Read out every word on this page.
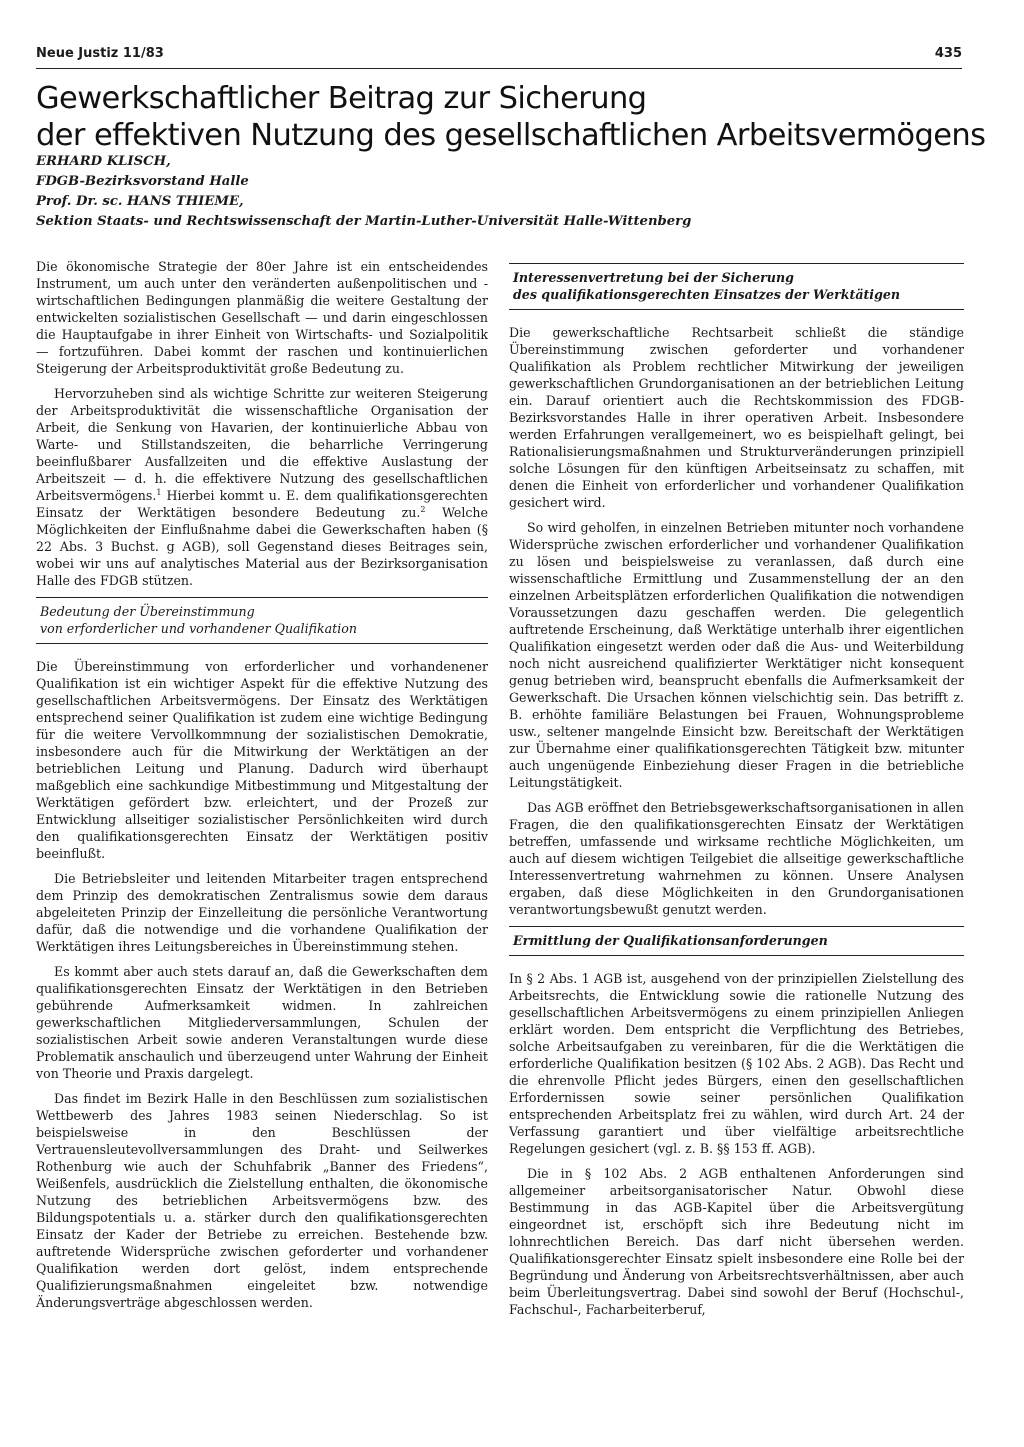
Neue Justiz 11/83	435
Gewerkschaftlicher Beitrag zur Sicherung
der effektiven Nutzung des gesellschaftlichen Arbeitsvermögens
ERHARD KLISCH,
FDGB-Bezirksvorstand Halle
Prof. Dr. sc. HANS THIEME,
Sektion Staats- und Rechtswissenschaft der Martin-Luther-Universität Halle-Wittenberg

Die ökonomische Strategie der 80er Jahre ist ein entscheidendes Instrument, um auch unter den veränderten außenpolitischen und -wirtschaftlichen Bedingungen planmäßig die weitere Gestaltung der entwickelten sozialistischen Gesellschaft — und darin eingeschlossen die Hauptaufgabe in ihrer Einheit von Wirtschafts- und Sozialpolitik — fortzuführen. Dabei kommt der raschen und kontinuierlichen Steigerung der Arbeitsproduktivität große Bedeutung zu.

Hervorzuheben sind als wichtige Schritte zur weiteren Steigerung der Arbeitsproduktivität die wissenschaftliche Organisation der Arbeit, die Senkung von Havarien, der kontinuierliche Abbau von Warte- und Stillstandszeiten, die beharrliche Verringerung beeinflußbarer Ausfallzeiten und die effektive Auslastung der Arbeitszeit — d. h. die effektivere Nutzung des gesellschaftlichen Arbeitsvermögens.$^1$ Hierbei kommt u. E. dem qualifikationsgerechten Einsatz der Werktätigen besondere Bedeutung zu.$^2$ Welche Möglichkeiten der Einflußnahme dabei die Gewerkschaften haben (§ 22 Abs. 3 Buchst. g AGB), soll Gegenstand dieses Beitrages sein, wobei wir uns auf analytisches Material aus der Bezirksorganisation Halle des FDGB stützen.

Bedeutung der Übereinstimmung
von erforderlicher und vorhandener Qualifikation

Die Übereinstimmung von erforderlicher und vorhandenener Qualifikation ist ein wichtiger Aspekt für die effektive Nutzung des gesellschaftlichen Arbeitsvermögens. Der Einsatz des Werktätigen entsprechend seiner Qualifikation ist zudem eine wichtige Bedingung für die weitere Vervollkommnung der sozialistischen Demokratie, insbesondere auch für die Mitwirkung der Werktätigen an der betrieblichen Leitung und Planung. Dadurch wird überhaupt maßgeblich eine sachkundige Mitbestimmung und Mitgestaltung der Werktätigen gefördert bzw. erleichtert, und der Prozeß zur Entwicklung allseitiger sozialistischer Persönlichkeiten wird durch den qualifikationsgerechten Einsatz der Werktätigen positiv beeinflußt.

Die Betriebsleiter und leitenden Mitarbeiter tragen entsprechend dem Prinzip des demokratischen Zentralismus sowie dem daraus abgeleiteten Prinzip der Einzelleitung die persönliche Verantwortung dafür, daß die notwendige und die vorhandene Qualifikation der Werktätigen ihres Leitungsbereiches in Übereinstimmung stehen.

Es kommt aber auch stets darauf an, daß die Gewerkschaften dem qualifikationsgerechten Einsatz der Werktätigen in den Betrieben gebührende Aufmerksamkeit widmen. In zahlreichen gewerkschaftlichen Mitgliederversammlungen, Schulen der sozialistischen Arbeit sowie anderen Veranstaltungen wurde diese Problematik anschaulich und überzeugend unter Wahrung der Einheit von Theorie und Praxis dargelegt.

Das findet im Bezirk Halle in den Beschlüssen zum sozialistischen Wettbewerb des Jahres 1983 seinen Niederschlag. So ist beispielsweise in den Beschlüssen der Vertrauensleutevollversammlungen des Draht- und Seilwerkes Rothenburg wie auch der Schuhfabrik „Banner des Friedens“, Weißenfels, ausdrücklich die Zielstellung enthalten, die ökonomische Nutzung des betrieblichen Arbeitsvermögens bzw. des Bildungspotentials u. a. stärker durch den qualifikationsgerechten Einsatz der Kader der Betriebe zu erreichen. Bestehende bzw. auftretende Widersprüche zwischen geforderter und vorhandener Qualifikation werden dort gelöst, indem entsprechende Qualifizierungsmaßnahmen eingeleitet bzw. notwendige Änderungsverträge abgeschlossen werden.

Interessenvertretung bei der Sicherung
des qualifikationsgerechten Einsatzes der Werktätigen

Die gewerkschaftliche Rechtsarbeit schließt die ständige Übereinstimmung zwischen geforderter und vorhandener Qualifikation als Problem rechtlicher Mitwirkung der jeweiligen gewerkschaftlichen Grundorganisationen an der betrieblichen Leitung ein. Darauf orientiert auch die Rechtskommission des FDGB-Bezirksvorstandes Halle in ihrer operativen Arbeit. Insbesondere werden Erfahrungen verallgemeinert, wo es beispielhaft gelingt, bei Rationalisierungsmaßnahmen und Strukturveränderungen prinzipiell solche Lösungen für den künftigen Arbeitseinsatz zu schaffen, mit denen die Einheit von erforderlicher und vorhandener Qualifikation gesichert wird.

So wird geholfen, in einzelnen Betrieben mitunter noch vorhandene Widersprüche zwischen erforderlicher und vorhandener Qualifikation zu lösen und beispielsweise zu veranlassen, daß durch eine wissenschaftliche Ermittlung und Zusammenstellung der an den einzelnen Arbeitsplätzen erforderlichen Qualifikation die notwendigen Voraussetzungen dazu geschaffen werden. Die gelegentlich auftretende Erscheinung, daß Werktätige unterhalb ihrer eigentlichen Qualifikation eingesetzt werden oder daß die Aus- und Weiterbildung noch nicht ausreichend qualifizierter Werktätiger nicht konsequent genug betrieben wird, beansprucht ebenfalls die Aufmerksamkeit der Gewerkschaft. Die Ursachen können vielschichtig sein. Das betrifft z. B. erhöhte familiäre Belastungen bei Frauen, Wohnungsprobleme usw., seltener mangelnde Einsicht bzw. Bereitschaft der Werktätigen zur Übernahme einer qualifikationsgerechten Tätigkeit bzw. mitunter auch ungenügende Einbeziehung dieser Fragen in die betriebliche Leitungstätigkeit.

Das AGB eröffnet den Betriebsgewerkschaftsorganisationen in allen Fragen, die den qualifikationsgerechten Einsatz der Werktätigen betreffen, umfassende und wirksame rechtliche Möglichkeiten, um auch auf diesem wichtigen Teilgebiet die allseitige gewerkschaftliche Interessenvertretung wahrnehmen zu können. Unsere Analysen ergaben, daß diese Möglichkeiten in den Grundorganisationen verantwortungsbewußt genutzt werden.

Ermittlung der Qualifikationsanforderungen

In § 2 Abs. 1 AGB ist, ausgehend von der prinzipiellen Zielstellung des Arbeitsrechts, die Entwicklung sowie die rationelle Nutzung des gesellschaftlichen Arbeitsvermögens zu einem prinzipiellen Anliegen erklärt worden. Dem entspricht die Verpflichtung des Betriebes, solche Arbeitsaufgaben zu vereinbaren, für die die Werktätigen die erforderliche Qualifikation besitzen (§ 102 Abs. 2 AGB). Das Recht und die ehrenvolle Pflicht jedes Bürgers, einen den gesellschaftlichen Erfordernissen sowie seiner persönlichen Qualifikation entsprechenden Arbeitsplatz frei zu wählen, wird durch Art. 24 der Verfassung garantiert und über vielfältige arbeitsrechtliche Regelungen gesichert (vgl. z. B. §§ 153 ff. AGB).

Die in § 102 Abs. 2 AGB enthaltenen Anforderungen sind allgemeiner arbeitsorganisatorischer Natur. Obwohl diese Bestimmung in das AGB-Kapitel über die Arbeitsvergütung eingeordnet ist, erschöpft sich ihre Bedeutung nicht im lohnrechtlichen Bereich. Das darf nicht übersehen werden. Qualifikationsgerechter Einsatz spielt insbesondere eine Rolle bei der Begründung und Änderung von Arbeitsrechtsverhältnissen, aber auch beim Überleitungsvertrag. Dabei sind sowohl der Beruf (Hochschul-, Fachschul-, Facharbeiterberuf,
